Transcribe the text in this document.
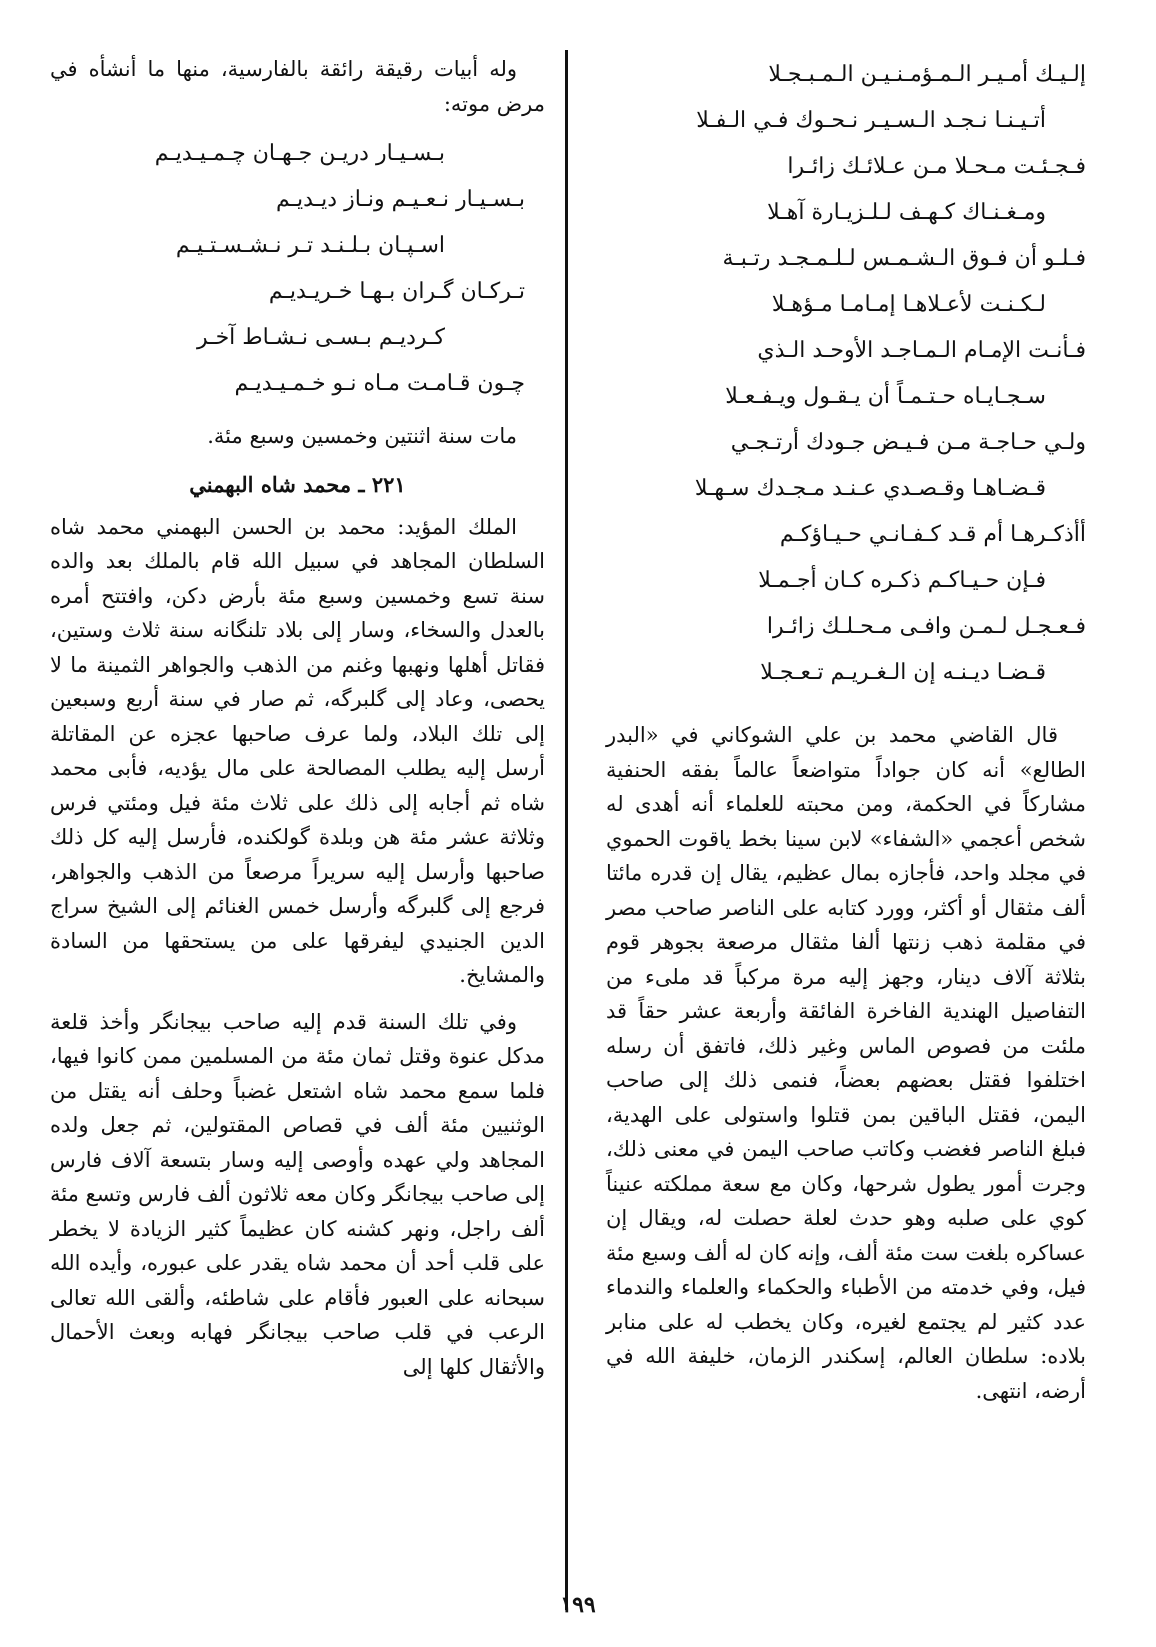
إلـيـك أمـيـر الـمـؤمـنـيـن الـمـبـجـلا
أتـيـنـا نـجـد الـسـيـر نـحـوك فـي الـفـلا
فـجـئـت مـحـلا مـن عـلائـك زائـرا
ومـغـنـاك كـهـف لـلـزيـارة آهـلا
فـلـو أن فـوق الـشـمـس لـلـمـجـد رتـبـة
لـكـنـت لأعـلاهـا إمـامـا مـؤهـلا
فـأنـت الإمـام الـمـاجـد الأوحـد الـذي
سـجـايـاه حـتـمـاً أن يـقـول ويـفـعـلا
ولـي حـاجـة مـن فـيـض جـودك أرتـجـي
قـضـاهـا وقـصـدي عـنـد مـجـدك سـهـلا
أأذكـرهـا أم قـد كـفـانـي حـيـاؤكـم
فـإن حـيـاكـم ذكـره كـان أجـمـلا
فـعـجـل لـمـن وافـى مـحـلـك زائـرا
قـضـا ديـنـه إن الـغـريـم تـعـجـلا

قال القاضي محمد بن علي الشوكاني في «البدر الطالع» أنه كان جواداً متواضعاً عالماً بفقه الحنفية مشاركاً في الحكمة، ومن محبته للعلماء أنه أهدى له شخص أعجمي «الشفاء» لابن سينا بخط ياقوت الحموي في مجلد واحد، فأجازه بمال عظيم، يقال إن قدره مائتا ألف مثقال أو أكثر، وورد كتابه على الناصر صاحب مصر في مقلمة ذهب زنتها ألفا مثقال مرصعة بجوهر قوم بثلاثة آلاف دينار، وجهز إليه مرة مركباً قد ملىء من التفاصيل الهندية الفاخرة الفائقة وأربعة عشر حقاً قد ملئت من فصوص الماس وغير ذلك، فاتفق أن رسله اختلفوا فقتل بعضهم بعضاً، فنمى ذلك إلى صاحب اليمن، فقتل الباقين بمن قتلوا واستولى على الهدية، فبلغ الناصر فغضب وكاتب صاحب اليمن في معنى ذلك، وجرت أمور يطول شرحها، وكان مع سعة مملكته عنيناً كوي على صلبه وهو حدث لعلة حصلت له، ويقال إن عساكره بلغت ست مئة ألف، وإنه كان له ألف وسبع مئة فيل، وفي خدمته من الأطباء والحكماء والعلماء والندماء عدد كثير لم يجتمع لغيره، وكان يخطب له على منابر بلاده: سلطان العالم، إسكندر الزمان، خليفة الله في أرضه، انتهى.

وله أبيات رقيقة رائقة بالفارسية، منها ما أنشأه في مرض موته:

بـسـيـار دريـن جـهـان چـمـيـديـم
بـسـيـار نـعـيـم ونـاز ديـديـم
اسـپـان بـلـنـد تـر نـشـسـتـيـم
تـركـان گـران بـهـا خـريـديـم
كـرديـم بـسـى نـشـاط آخـر
چـون قـامـت مـاه نـو خـمـيـديـم

مات سنة اثنتين وخمسين وسبع مئة.

٢٢١ ـ محمد شاه البهمني

الملك المؤيد: محمد بن الحسن البهمني محمد شاه السلطان المجاهد في سبيل الله قام بالملك بعد والده سنة تسع وخمسين وسبع مئة بأرض دكن، وافتتح أمره بالعدل والسخاء، وسار إلى بلاد تلنگانه سنة ثلاث وستين، فقاتل أهلها ونهبها وغنم من الذهب والجواهر الثمينة ما لا يحصى، وعاد إلى گلبرگه، ثم صار في سنة أربع وسبعين إلى تلك البلاد، ولما عرف صاحبها عجزه عن المقاتلة أرسل إليه يطلب المصالحة على مال يؤديه، فأبى محمد شاه ثم أجابه إلى ذلك على ثلاث مئة فيل ومئتي فرس وثلاثة عشر مئة هن وبلدة گولكنده، فأرسل إليه كل ذلك صاحبها وأرسل إليه سريراً مرصعاً من الذهب والجواهر، فرجع إلى گلبرگه وأرسل خمس الغنائم إلى الشيخ سراج الدين الجنيدي ليفرقها على من يستحقها من السادة والمشايخ.

وفي تلك السنة قدم إليه صاحب بيجانگر وأخذ قلعة مدكل عنوة وقتل ثمان مئة من المسلمين ممن كانوا فيها، فلما سمع محمد شاه اشتعل غضباً وحلف أنه يقتل من الوثنيين مئة ألف في قصاص المقتولين، ثم جعل ولده المجاهد ولي عهده وأوصى إليه وسار بتسعة آلاف فارس إلى صاحب بيجانگر وكان معه ثلاثون ألف فارس وتسع مئة ألف راجل، ونهر كشنه كان عظيماً كثير الزيادة لا يخطر على قلب أحد أن محمد شاه يقدر على عبوره، وأيده الله سبحانه على العبور فأقام على شاطئه، وألقى الله تعالى الرعب في قلب صاحب بيجانگر فهابه وبعث الأحمال والأثقال كلها إلى

١٩٩
